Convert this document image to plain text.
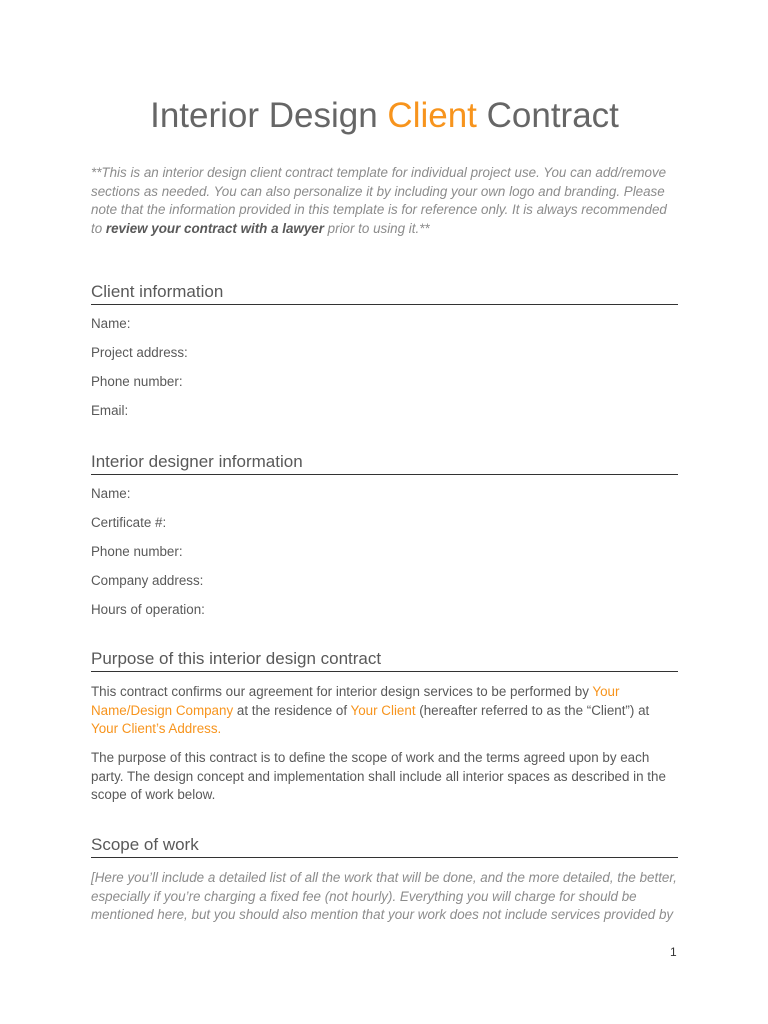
Interior Design Client Contract
**This is an interior design client contract template for individual project use. You can add/remove sections as needed. You can also personalize it by including your own logo and branding. Please note that the information provided in this template is for reference only. It is always recommended to review your contract with a lawyer prior to using it.**
Client information
Name:
Project address:
Phone number:
Email:
Interior designer information
Name:
Certificate #:
Phone number:
Company address:
Hours of operation:
Purpose of this interior design contract
This contract confirms our agreement for interior design services to be performed by Your Name/Design Company at the residence of Your Client (hereafter referred to as the “Client”) at Your Client’s Address.
The purpose of this contract is to define the scope of work and the terms agreed upon by each party. The design concept and implementation shall include all interior spaces as described in the scope of work below.
Scope of work
[Here you’ll include a detailed list of all the work that will be done, and the more detailed, the better, especially if you’re charging a fixed fee (not hourly). Everything you will charge for should be mentioned here, but you should also mention that your work does not include services provided by
1
